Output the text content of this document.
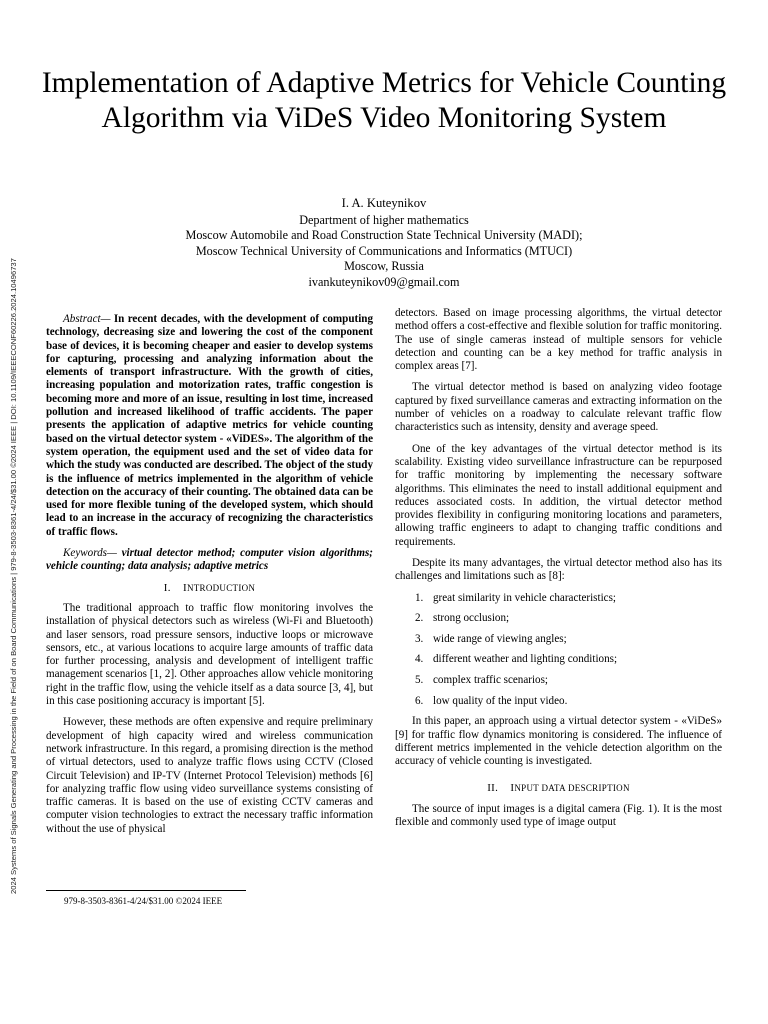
2024 Systems of Signals Generating and Processing in the Field of on Board Communications | 979-8-3503-8361-4/24/$31.00 ©2024 IEEE | DOI: 10.1109/IEEECONF60226.2024.10496737
Implementation of Adaptive Metrics for Vehicle Counting Algorithm via ViDeS Video Monitoring System
I. A. Kuteynikov
Department of higher mathematics
Moscow Automobile and Road Construction State Technical University (MADI);
Moscow Technical University of Communications and Informatics (MTUCI)
Moscow, Russia
ivankuteynikov09@gmail.com

Abstract— In recent decades, with the development of computing technology, decreasing size and lowering the cost of the component base of devices, it is becoming cheaper and easier to develop systems for capturing, processing and analyzing information about the elements of transport infrastructure. With the growth of cities, increasing population and motorization rates, traffic congestion is becoming more and more of an issue, resulting in lost time, increased pollution and increased likelihood of traffic accidents. The paper presents the application of adaptive metrics for vehicle counting based on the virtual detector system - «ViDES». The algorithm of the system operation, the equipment used and the set of video data for which the study was conducted are described. The object of the study is the influence of metrics implemented in the algorithm of vehicle detection on the accuracy of their counting. The obtained data can be used for more flexible tuning of the developed system, which should lead to an increase in the accuracy of recognizing the characteristics of traffic flows.

Keywords— virtual detector method; computer vision algorithms; vehicle counting; data analysis; adaptive metrics

I. INTRODUCTION

The traditional approach to traffic flow monitoring involves the installation of physical detectors such as wireless (Wi-Fi and Bluetooth) and laser sensors, road pressure sensors, inductive loops or microwave sensors, etc., at various locations to acquire large amounts of traffic data for further processing, analysis and development of intelligent traffic management scenarios [1, 2]. Other approaches allow vehicle monitoring right in the traffic flow, using the vehicle itself as a data source [3, 4], but in this case positioning accuracy is important [5].

However, these methods are often expensive and require preliminary development of high capacity wired and wireless communication network infrastructure. In this regard, a promising direction is the method of virtual detectors, used to analyze traffic flows using CCTV (Closed Circuit Television) and IP-TV (Internet Protocol Television) methods [6] for analyzing traffic flow using video surveillance systems consisting of traffic cameras. It is based on the use of existing CCTV cameras and computer vision technologies to extract the necessary traffic information without the use of physical

detectors. Based on image processing algorithms, the virtual detector method offers a cost-effective and flexible solution for traffic monitoring. The use of single cameras instead of multiple sensors for vehicle detection and counting can be a key method for traffic analysis in complex areas [7].

The virtual detector method is based on analyzing video footage captured by fixed surveillance cameras and extracting information on the number of vehicles on a roadway to calculate relevant traffic flow characteristics such as intensity, density and average speed.

One of the key advantages of the virtual detector method is its scalability. Existing video surveillance infrastructure can be repurposed for traffic monitoring by implementing the necessary software algorithms. This eliminates the need to install additional equipment and reduces associated costs. In addition, the virtual detector method provides flexibility in configuring monitoring locations and parameters, allowing traffic engineers to adapt to changing traffic conditions and requirements.

Despite its many advantages, the virtual detector method also has its challenges and limitations such as [8]:

1. great similarity in vehicle characteristics;
2. strong occlusion;
3. wide range of viewing angles;
4. different weather and lighting conditions;
5. complex traffic scenarios;
6. low quality of the input video.

In this paper, an approach using a virtual detector system - «ViDeS» [9] for traffic flow dynamics monitoring is considered. The influence of different metrics implemented in the vehicle detection algorithm on the accuracy of vehicle counting is investigated.

II. INPUT DATA DESCRIPTION

The source of input images is a digital camera (Fig. 1). It is the most flexible and commonly used type of image output

979-8-3503-8361-4/24/$31.00 ©2024 IEEE
